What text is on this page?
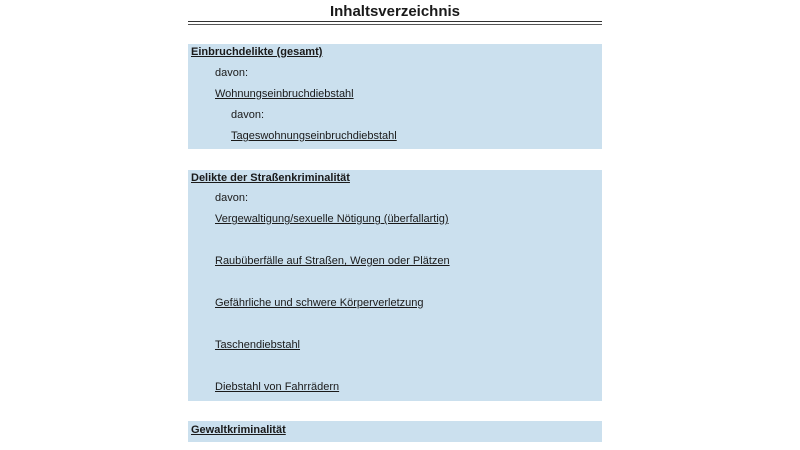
Inhaltsverzeichnis
Einbruchdelikte (gesamt)
davon:
Wohnungseinbruchdiebstahl
davon:
Tageswohnungseinbruchdiebstahl
Delikte der Straßenkriminalität
davon:
Vergewaltigung/sexuelle Nötigung (überfallartig)
Raubüberfälle auf Straßen, Wegen oder Plätzen
Gefährliche und schwere Körperverletzung
Taschendiebstahl
Diebstahl von Fahrrädern
Gewaltkriminalität
